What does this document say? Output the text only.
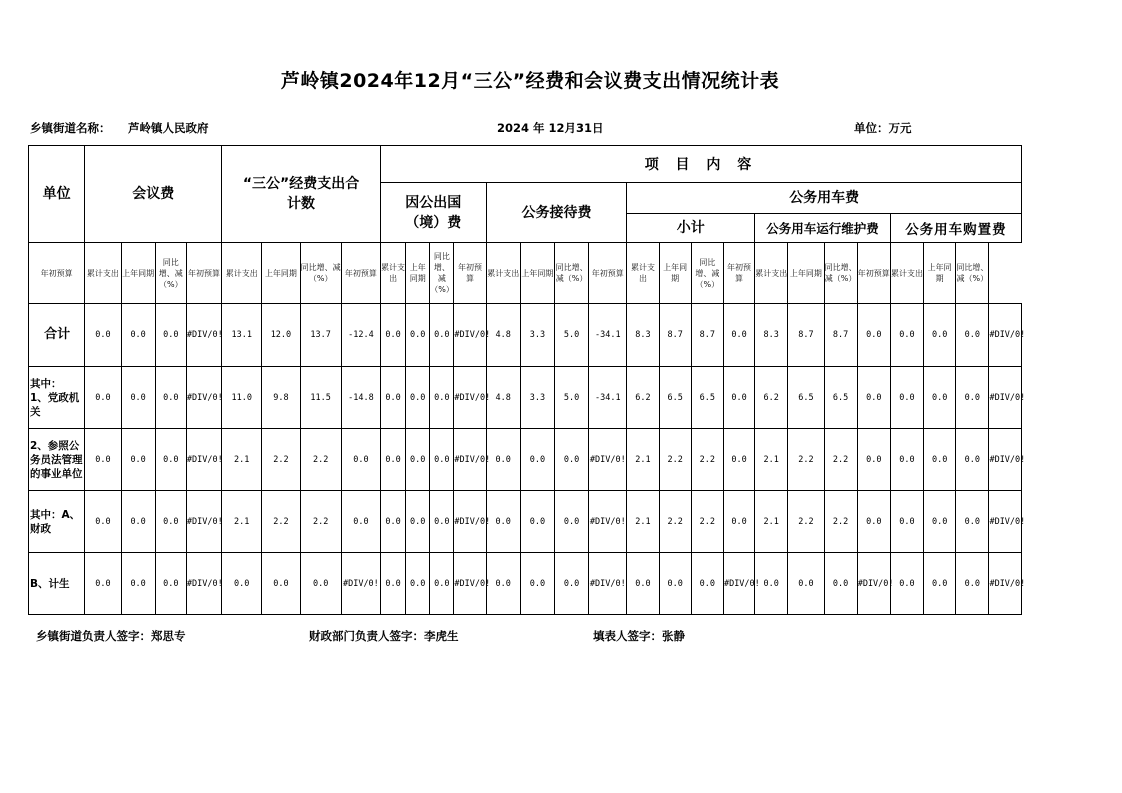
芦岭镇2024年12月“三公”经费和会议费支出情况统计表
乡镇街道名称： 芦岭镇人民政府	2024 年 12月31日	单位：万元
单位	会议费				“三公”经费支出合计数				项 目 内 容																			

									因公出国（境）费				公务接待费				公务用车费											
																	小计				公务用车运行维护费				公务用车购置费			
年初预算	累计支出	上年同期	同比增、减（%）	年初预算	累计支出	上年同期	同比增、减（%）	年初预算	累计支出	上年同期	同比增、减（%）	年初预算	累计支出	上年同期	同比增、减（%）	年初预算	累计支出	上年同期	同比增、减（%）	年初预算	累计支出	上年同期	同比增、减（%）	年初预算	累计支出	上年同期	同比增、减（%）	
合计	0.0	0.0	0.0	#DIV/0!	13.1	12.0	13.7	-12.4	0.0	0.0	0.0	#DIV/0!	4.8	3.3	5.0	-34.1	8.3	8.7	8.7	0.0	8.3	8.7	8.7	0.0	0.0	0.0	0.0	#DIV/0!
其中：
1、党政机关	0.0	0.0	0.0	#DIV/0!	11.0	9.8	11.5	-14.8	0.0	0.0	0.0	#DIV/0!	4.8	3.3	5.0	-34.1	6.2	6.5	6.5	0.0	6.2	6.5	6.5	0.0	0.0	0.0	0.0	#DIV/0!
2、参照公务员法管理的事业单位	0.0	0.0	0.0	#DIV/0!	2.1	2.2	2.2	0.0	0.0	0.0	0.0	#DIV/0!	0.0	0.0	0.0	#DIV/0!	2.1	2.2	2.2	0.0	2.1	2.2	2.2	0.0	0.0	0.0	0.0	#DIV/0!
其中：A、财政	0.0	0.0	0.0	#DIV/0!	2.1	2.2	2.2	0.0	0.0	0.0	0.0	#DIV/0!	0.0	0.0	0.0	#DIV/0!	2.1	2.2	2.2	0.0	2.1	2.2	2.2	0.0	0.0	0.0	0.0	#DIV/0!
B、计生	0.0	0.0	0.0	#DIV/0!	0.0	0.0	0.0	#DIV/0!	0.0	0.0	0.0	#DIV/0!	0.0	0.0	0.0	#DIV/0!	0.0	0.0	0.0	#DIV/0!	0.0	0.0	0.0	#DIV/0!	0.0	0.0	0.0	#DIV/0!
乡镇街道负责人签字：郑思专	财政部门负责人签字：李虎生	填表人签字：张静
